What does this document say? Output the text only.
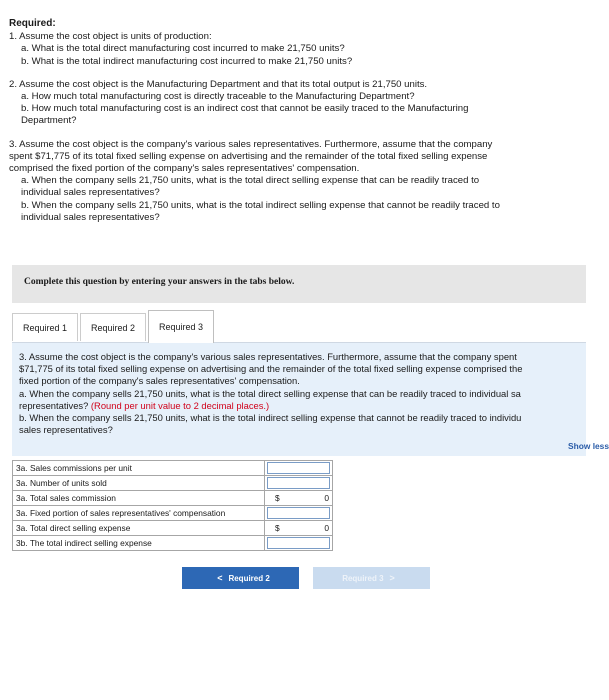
Required:
1. Assume the cost object is units of production:
a. What is the total direct manufacturing cost incurred to make 21,750 units?
b. What is the total indirect manufacturing cost incurred to make 21,750 units?
2. Assume the cost object is the Manufacturing Department and that its total output is 21,750 units.
a. How much total manufacturing cost is directly traceable to the Manufacturing Department?
b. How much total manufacturing cost is an indirect cost that cannot be easily traced to the Manufacturing
Department?
3. Assume the cost object is the company's various sales representatives. Furthermore, assume that the company
spent $71,775 of its total fixed selling expense on advertising and the remainder of the total fixed selling expense
comprised the fixed portion of the company's sales representatives' compensation.
a. When the company sells 21,750 units, what is the total direct selling expense that can be readily traced to
individual sales representatives?
b. When the company sells 21,750 units, what is the total indirect selling expense that cannot be readily traced to
individual sales representatives?
Complete this question by entering your answers in the tabs below.
Required 1	Required 2	Required 3
3. Assume the cost object is the company's various sales representatives. Furthermore, assume that the company spent
$71,775 of its total fixed selling expense on advertising and the remainder of the total fixed selling expense comprised the
fixed portion of the company's sales representatives' compensation.
a. When the company sells 21,750 units, what is the total direct selling expense that can be readily traced to individual sa
representatives? (Round per unit value to 2 decimal places.)
b. When the company sells 21,750 units, what is the total indirect selling expense that cannot be readily traced to individu
sales representatives?
Show less
3a. Sales commissions per unit	

3a. Number of units sold	

3a. Total sales commission	$ 0

3a. Fixed portion of sales representatives' compensation	

3a. Total direct selling expense	$ 0

3b. The total indirect selling expense	
< Required 2	Required 3 >
